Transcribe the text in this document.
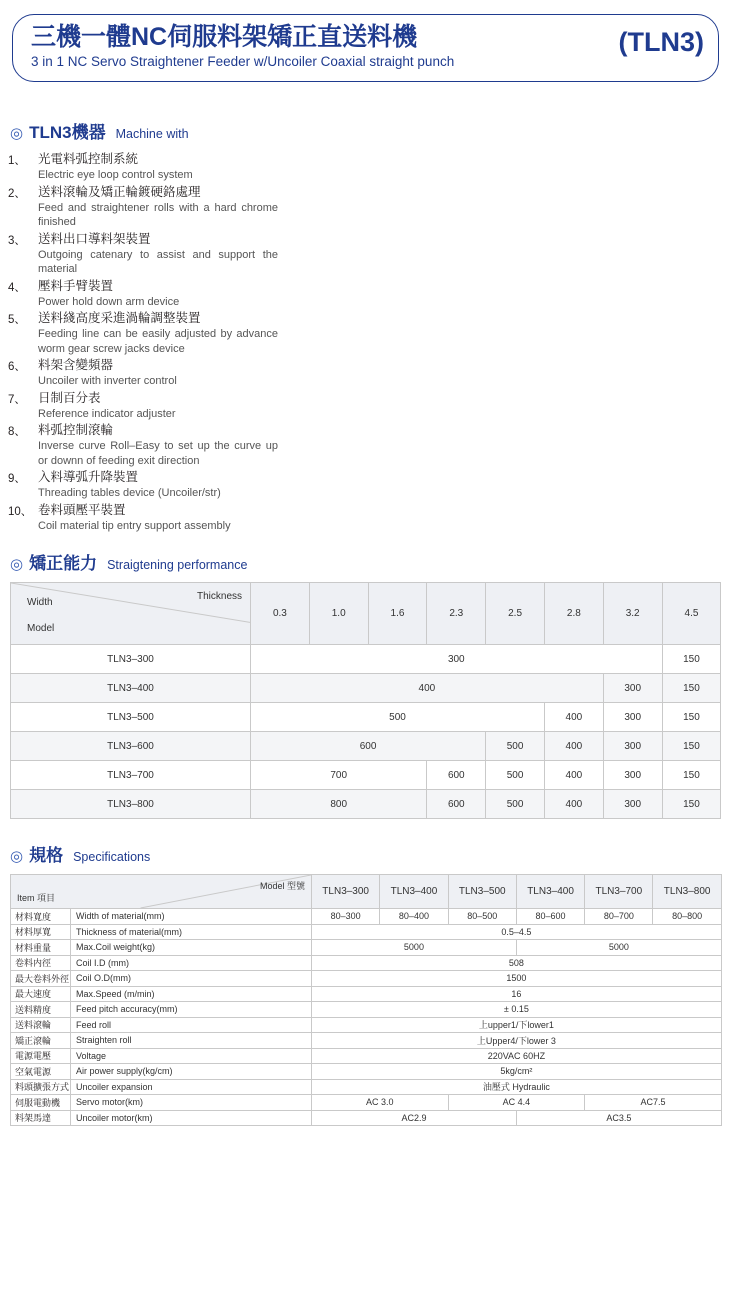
三機一體NC伺服料架矯正直送料機
3 in 1 NC Servo Straightener Feeder w/Uncoiler Coaxial straight punch
(TLN3)
◎ TLN3機器 Machine with
1、 光電料弧控制系統
Electric eye loop control system
2、 送料滾輪及矯正輪鍍硬鉻處理
Feed and straightener rolls with a hard chrome finished
3、 送料出口導料架裝置
Outgoing catenary to assist and support the material
4、 壓料手臂裝置
Power hold down arm device
5、 送料綫高度采進渦輪調整裝置
Feeding line can be easily adjusted by advance worm gear screw jacks device
6、 料架含變頻器
Uncoiler with inverter control
7、 日制百分表
Reference indicator adjuster
8、 料弧控制滾輪
Inverse curve Roll–Easy to set up the curve up or downn of feeding exit direction
9、 入料導弧升降裝置
Threading tables device (Uncoiler/str)
10、 卷料頭壓平裝置
Coil material tip entry support assembly
◎ 矯正能力 Straigtening performance
Width
Thickness
Model	0.3	1.0	1.6	2.3	2.5	2.8	3.2	4.5
TLN3–300	300							150
TLN3–400	400						300	150
TLN3–500	500					400	300	150
TLN3–600	600				500	400	300	150
TLN3–700	700			600	500	400	300	150
TLN3–800	800			600	500	400	300	150
◎ 規格 Specifications
Item 項目
Model 型號		TLN3–300	TLN3–400	TLN3–500	TLN3–400	TLN3–700	TLN3–800
材料寬度	Width of material(mm)	80–300	80–400	80–500	80–600	80–700	80–800
材料厚寬	Thickness of material(mm)	0.5–4.5					
材料重量	Max.Coil weight(kg)	5000			5000		
卷料内徑	Coil I.D (mm)	508					
最大卷料外徑	Coil O.D(mm)	1500					
最大速度	Max.Speed (m/min)	16					
送料精度	Feed pitch accuracy(mm)	± 0.15					
送料滾輪	Feed roll	上upper1/下lower1					
矯正滾輪	Straighten roll	上Upper4/下lower 3					
電源電壓	Voltage	220VAC 60HZ					
空氣電源	Air power supply(kg/cm)	5kg/cm²					
料頭擴張方式	Uncoiler expansion	油壓式 Hydraulic					
伺服電動機	Servo motor(km)	AC 3.0		AC 4.4		AC7.5	
料架馬達	Uncoiler motor(km)	AC2.9			AC3.5		
